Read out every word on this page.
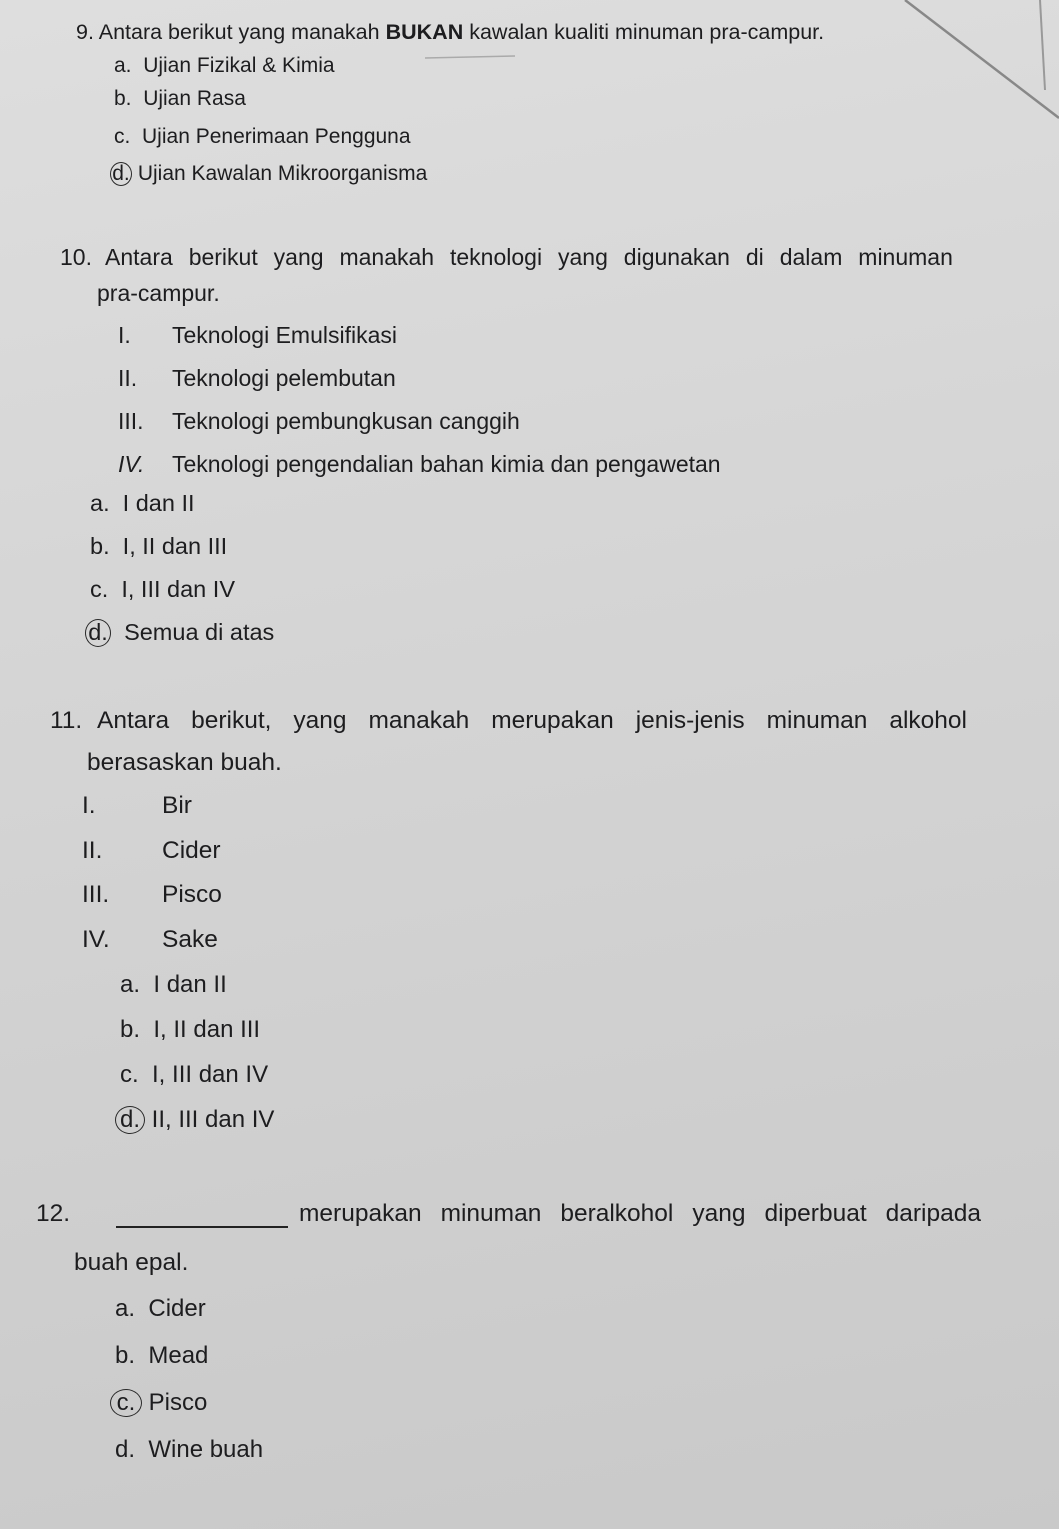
9. Antara berikut yang manakah BUKAN kawalan kualiti minuman pra-campur.
a. Ujian Fizikal & Kimia
b. Ujian Rasa
c. Ujian Penerimaan Pengguna
d. Ujian Kawalan Mikroorganisma
10. Antara berikut yang manakah teknologi yang digunakan di dalam minuman
pra-campur.
I. Teknologi Emulsifikasi
II. Teknologi pelembutan
III. Teknologi pembungkusan canggih
IV. Teknologi pengendalian bahan kimia dan pengawetan
a. I dan II
b. I, II dan III
c. I, III dan IV
d. Semua di atas
11. Antara berikut, yang manakah merupakan jenis-jenis minuman alkohol
berasaskan buah.
I.	Bir
II. Cider
III. Pisco
IV. Sake
a. I dan II
b. I, II dan III
c. I, III dan IV
d. II, III dan IV
12.	merupakan minuman beralkohol yang diperbuat daripada
buah epal.
a. Cider
b. Mead
c. Pisco
d. Wine buah
